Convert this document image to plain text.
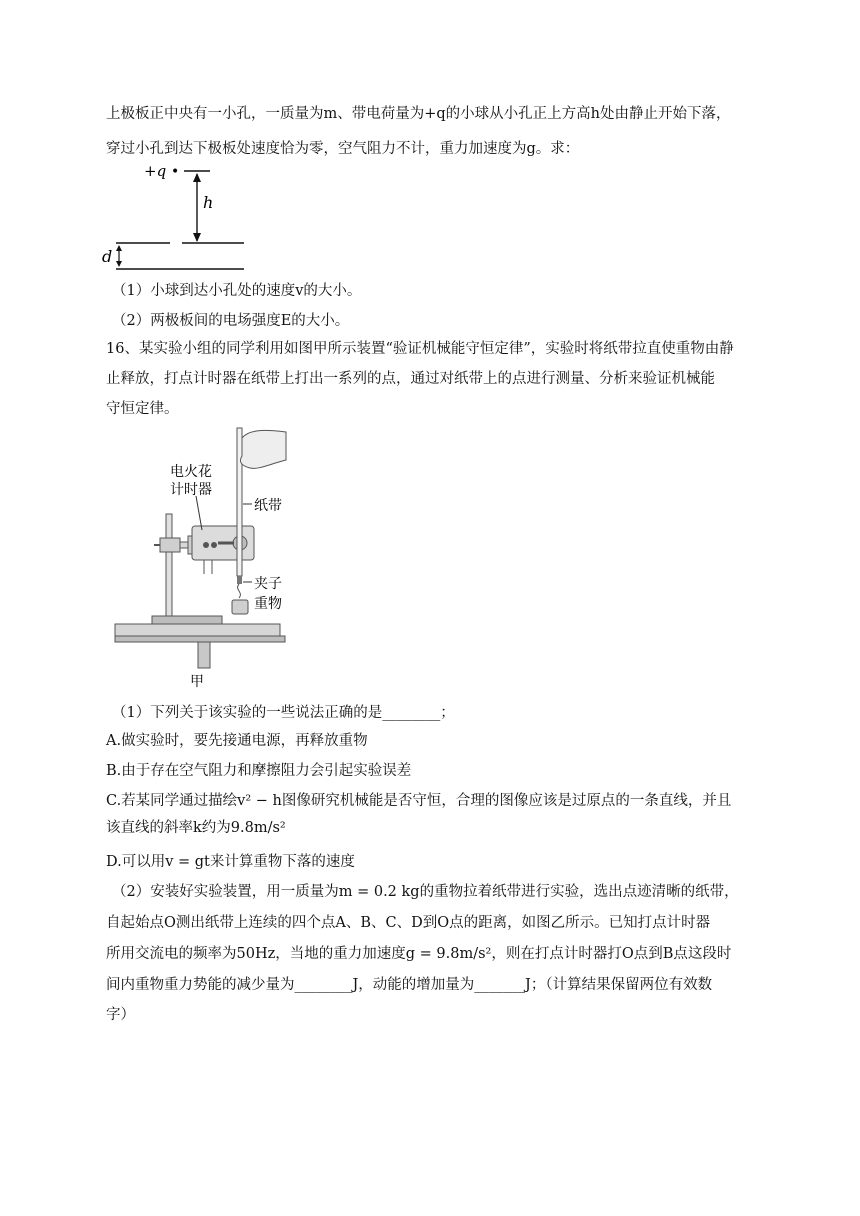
上极板正中央有一小孔，一质量为m、带电荷量为+q的小球从小孔正上方高h处由静止开始下落，
穿过小孔到达下极板处速度恰为零，空气阻力不计，重力加速度为g。求：
+q •
h
d
（1）小球到达小孔处的速度v的大小。
（2）两极板间的电场强度E的大小。
16、某实验小组的同学利用如图甲所示装置“验证机械能守恒定律”，实验时将纸带拉直使重物由静
止释放，打点计时器在纸带上打出一系列的点，通过对纸带上的点进行测量、分析来验证机械能
守恒定律。
电火花
计时器
纸带
夹子
重物
甲
（1）下列关于该实验的一些说法正确的是________；
A.做实验时，要先接通电源，再释放重物
B.由于存在空气阻力和摩擦阻力会引起实验误差
C.若某同学通过描绘v² − h图像研究机械能是否守恒，合理的图像应该是过原点的一条直线，并且
该直线的斜率k约为9.8m/s²
D.可以用v = gt来计算重物下落的速度
（2）安装好实验装置，用一质量为m = 0.2 kg的重物拉着纸带进行实验，选出点迹清晰的纸带，
自起始点O测出纸带上连续的四个点A、B、C、D到O点的距离，如图乙所示。已知打点计时器
所用交流电的频率为50Hz，当地的重力加速度g = 9.8m/s²，则在打点计时器打O点到B点这段时
间内重物重力势能的减少量为________J，动能的增加量为_______J；（计算结果保留两位有效数
字）
